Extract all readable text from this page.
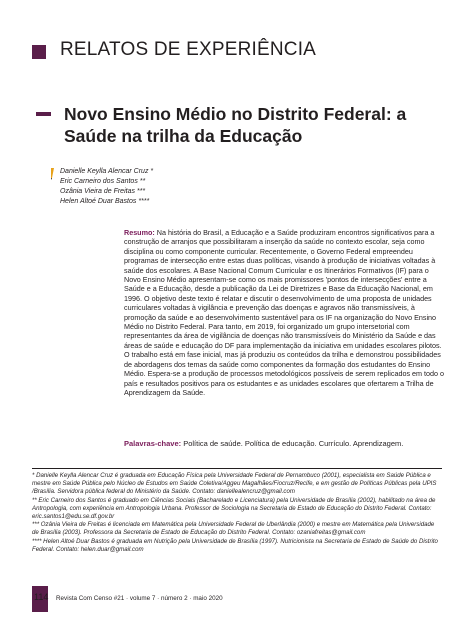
RELATOS DE EXPERIÊNCIA
Novo Ensino Médio no Distrito Federal: a Saúde na trilha da Educação
Danielle Keylla Alencar Cruz *
Eric Carneiro dos Santos **
Ozânia Vieira de Freitas ***
Helen Altoé Duar Bastos ****
Resumo: Na história do Brasil, a Educação e a Saúde produziram encontros significativos para a construção de arranjos que possibilitaram a inserção da saúde no contexto escolar, seja como disciplina ou como componente curricular. Recentemente, o Governo Federal empreendeu programas de intersecção entre estas duas políticas, visando à produção de iniciativas voltadas à saúde dos escolares. A Base Nacional Comum Curricular e os Itinerários Formativos (IF) para o Novo Ensino Médio apresentam-se como os mais promissores 'pontos de intersecções' entre a Saúde e a Educação, desde a publicação da Lei de Diretrizes e Base da Educação Nacional, em 1996. O objetivo deste texto é relatar e discutir o desenvolvimento de uma proposta de unidades curriculares voltadas à vigilância e prevenção das doenças e agravos não transmissíveis, à promoção da saúde e ao desenvolvimento sustentável para os IF na organização do Novo Ensino Médio no Distrito Federal. Para tanto, em 2019, foi organizado um grupo intersetorial com representantes da área de vigilância de doenças não transmissíveis do Ministério da Saúde e das áreas de saúde e educação do DF para implementação da iniciativa em unidades escolares pilotos. O trabalho está em fase inicial, mas já produziu os conteúdos da trilha e demonstrou possibilidades de abordagens dos temas da saúde como componentes da formação dos estudantes do Ensino Médio. Espera-se a produção de processos metodológicos possíveis de serem replicados em todo o país e resultados positivos para os estudantes e as unidades escolares que ofertarem a Trilha de Aprendizagem da Saúde.
Palavras-chave: Política de saúde. Política de educação. Currículo. Aprendizagem.

* Danielle Keylla Alencar Cruz é graduada em Educação Física pela Universidade Federal de Pernambuco (2001), especialista em Saúde Pública e mestre em Saúde Pública pelo Núcleo de Estudos em Saúde Coletiva/Aggeu Magalhães/Fiocruz/Recife, e em gestão de Políticas Públicas pela UPIS /Brasília. Servidora pública federal do Ministério da Saúde. Contato: daniellealencruz@gmail.com

** Eric Carneiro dos Santos é graduado em Ciências Sociais (Bacharelado e Licenciatura) pela Universidade de Brasília (2002), habilitado na área de Antropologia, com experiência em Antropologia Urbana. Professor de Sociologia na Secretaria de Estado de Educação do Distrito Federal. Contato: eric.santos1@edu.se.df.gov.br

*** Ozânia Vieira de Freitas é licenciada em Matemática pela Universidade Federal de Uberlândia (2000) e mestre em Matemática pela Universidade de Brasília (2003). Professora da Secretaria de Estado de Educação do Distrito Federal. Contato: ozaniafreitas@gmail.com

**** Helen Altoé Duar Bastos é graduada em Nutrição pela Universidade de Brasília (1997). Nutricionista na Secretaria de Estado de Saúde do Distrito Federal. Contato: helen.duar@gmail.com

114 Revista Com Censo #21 · volume 7 · número 2 · maio 2020
